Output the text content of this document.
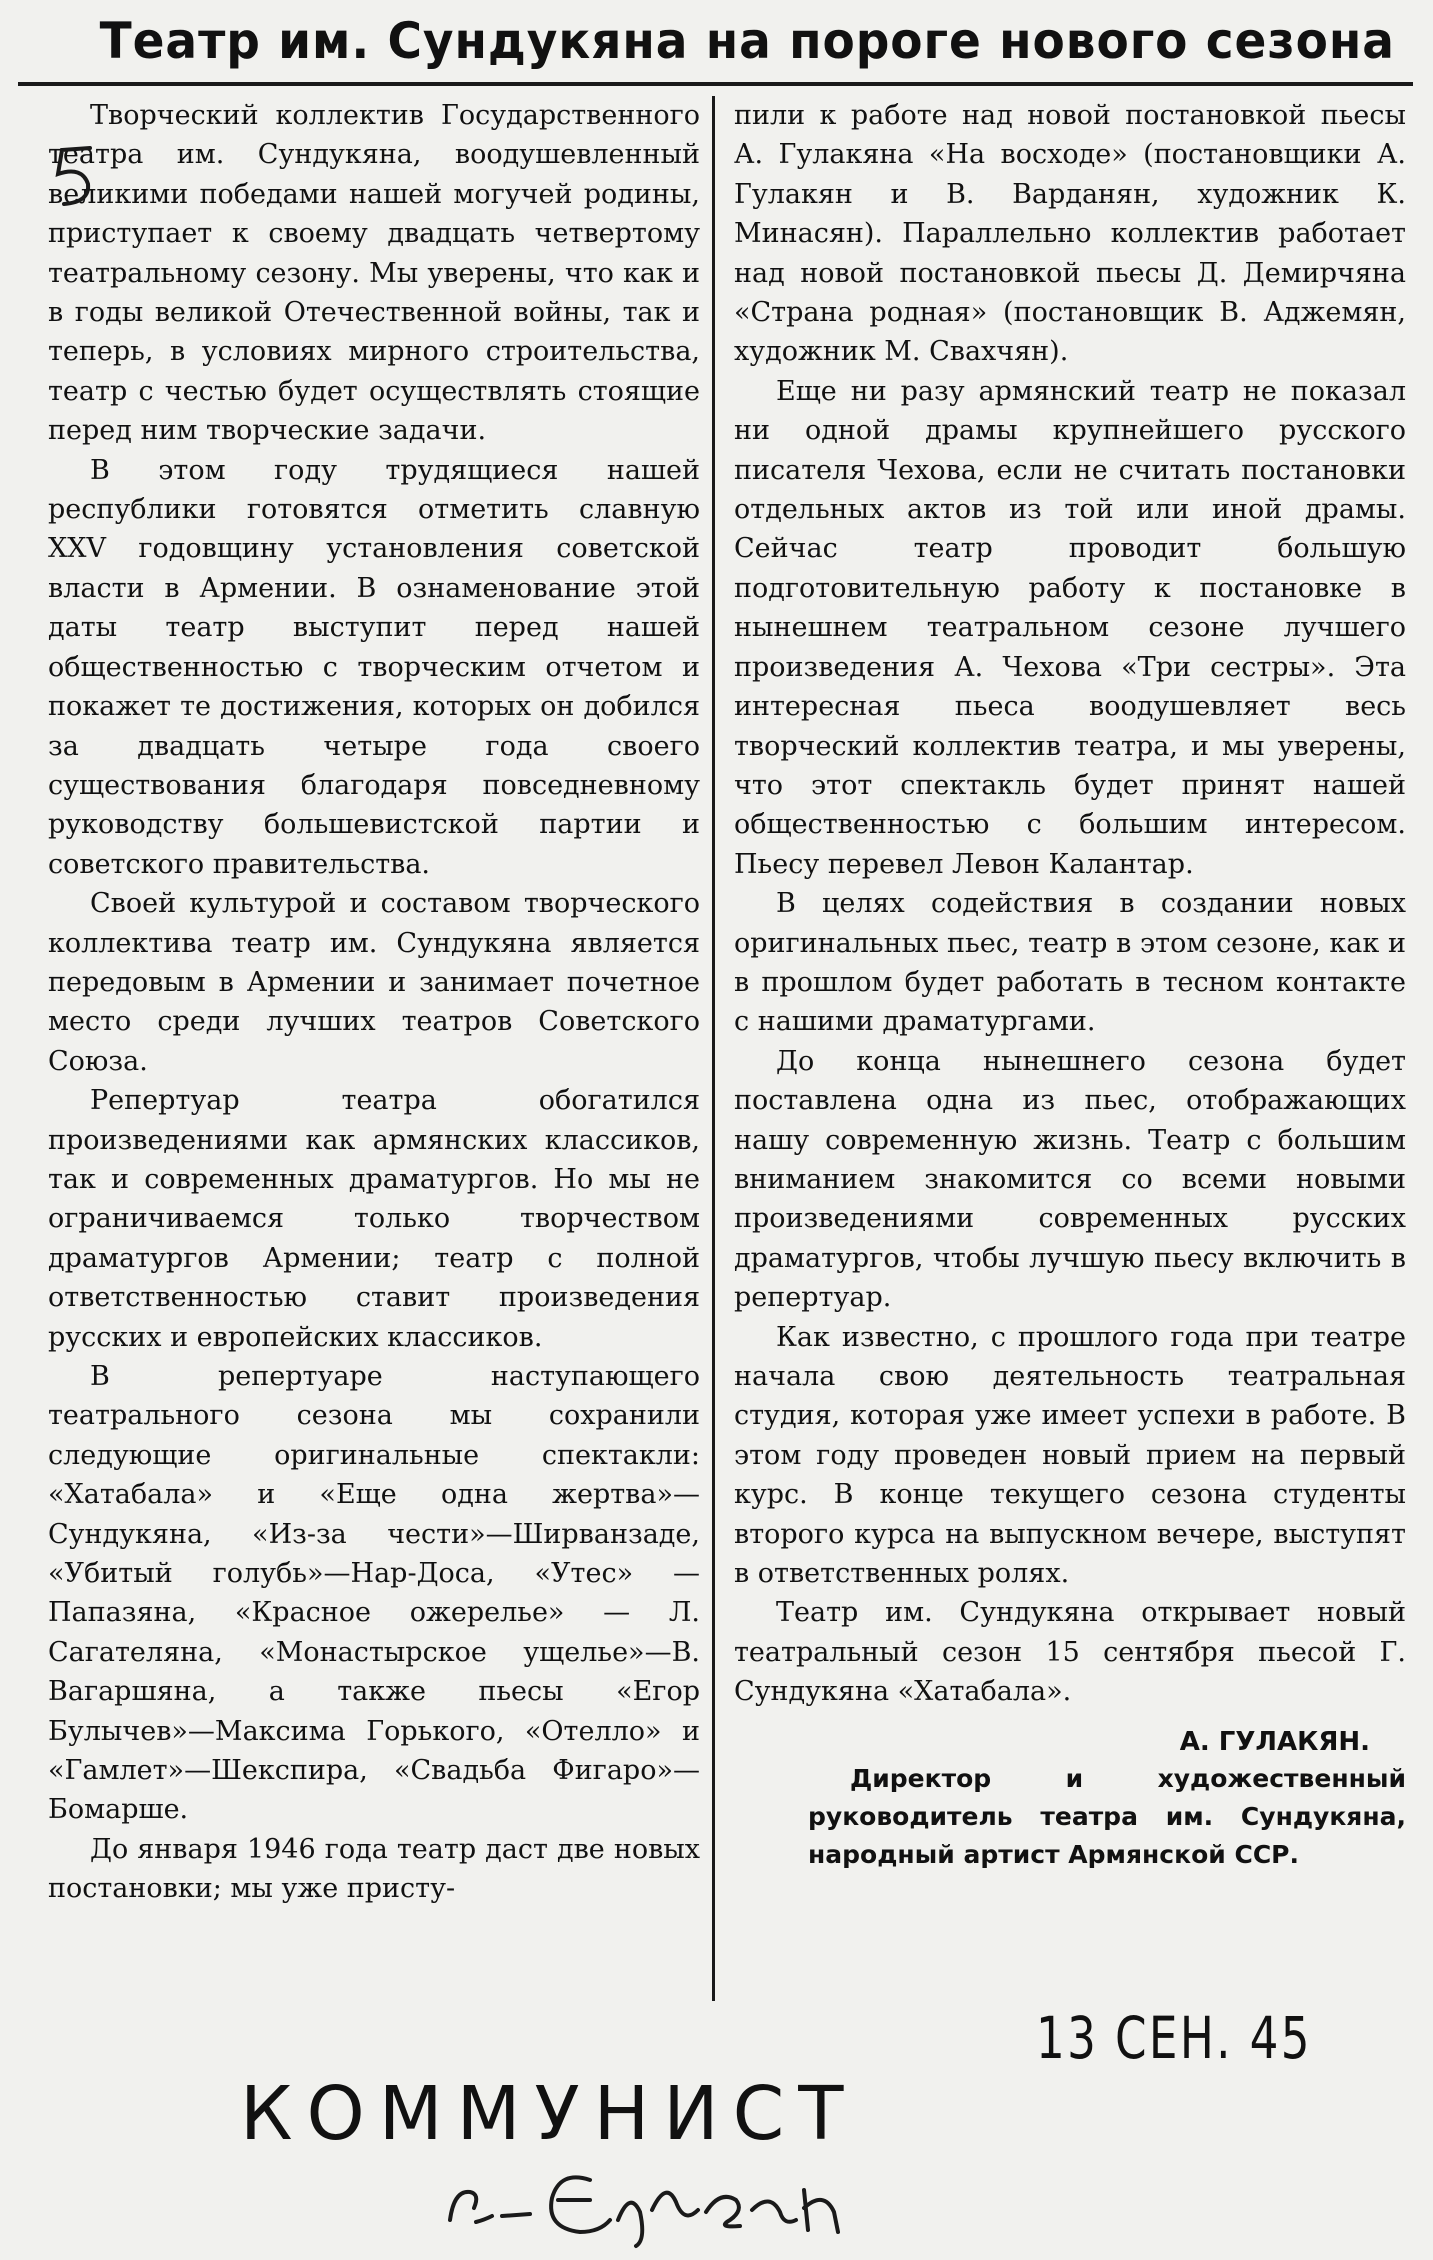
Театр им. Сундукяна на пороге нового сезона

Творческий коллектив Государственного театра им. Сундукяна, воодушевленный великими победами нашей могучей родины, приступает к своему двадцать четвертому театральному сезону. Мы уверены, что как и в годы великой Отечественной войны, так и теперь, в условиях мирного строительства, театр с честью будет осуществлять стоящие перед ним творческие задачи.

В этом году трудящиеся нашей республики готовятся отметить славную XXV годовщину установления советской власти в Армении. В ознаменование этой даты театр выступит перед нашей общественностью с творческим отчетом и покажет те достижения, которых он добился за двадцать четыре года своего существования благодаря повседневному руководству большевистской партии и советского правительства.

Своей культурой и составом творческого коллектива театр им. Сундукяна является передовым в Армении и занимает почетное место среди лучших театров Советского Союза.

Репертуар театра обогатился произведениями как армянских классиков, так и современных драматургов. Но мы не ограничиваемся только творчеством драматургов Армении; театр с полной ответственностью ставит произведения русских и европейских классиков.

В репертуаре наступающего театрального сезона мы сохранили следующие оригинальные спектакли: «Хатабала» и «Еще одна жертва»—Сундукяна, «Из-за чести»—Ширванзаде, «Убитый голубь»—Нар-Доса, «Утес» — Папазяна, «Красное ожерелье» — Л. Сагателяна, «Монастырское ущелье»—В. Вагаршяна, а также пьесы «Егор Булычев»—Максима Горького, «Отелло» и «Гамлет»—Шекспира, «Свадьба Фигаро»—Бомарше.

До января 1946 года театр даст две новых постановки; мы уже присту-

пили к работе над новой постановкой пьесы А. Гулакяна «На восходе» (постановщики А. Гулакян и В. Варданян, художник К. Минасян). Параллельно коллектив работает над новой постановкой пьесы Д. Демирчяна «Страна родная» (постановщик В. Аджемян, художник М. Свахчян).

Еще ни разу армянский театр не показал ни одной драмы крупнейшего русского писателя Чехова, если не считать постановки отдельных актов из той или иной драмы. Сейчас театр проводит большую подготовительную работу к постановке в нынешнем театральном сезоне лучшего произведения А. Чехова «Три сестры». Эта интересная пьеса воодушевляет весь творческий коллектив театра, и мы уверены, что этот спектакль будет принят нашей общественностью с большим интересом. Пьесу перевел Левон Калантар.

В целях содействия в создании новых оригинальных пьес, театр в этом сезоне, как и в прошлом будет работать в тесном контакте с нашими драматургами.

До конца нынешнего сезона будет поставлена одна из пьес, отображающих нашу современную жизнь. Театр с большим вниманием знакомится со всеми новыми произведениями современных русских драматургов, чтобы лучшую пьесу включить в репертуар.

Как известно, с прошлого года при театре начала свою деятельность театральная студия, которая уже имеет успехи в работе. В этом году проведен новый прием на первый курс. В конце текущего сезона студенты второго курса на выпускном вечере, выступят в ответственных ролях.

Театр им. Сундукяна открывает новый театральный сезон 15 сентября пьесой Г. Сундукяна «Хатабала».

А. ГУЛАКЯН.

Директор и художественный руководитель театра им. Сундукяна, народный артист Армянской ССР.

13 СЕН. 45
КОММУНИСТ
